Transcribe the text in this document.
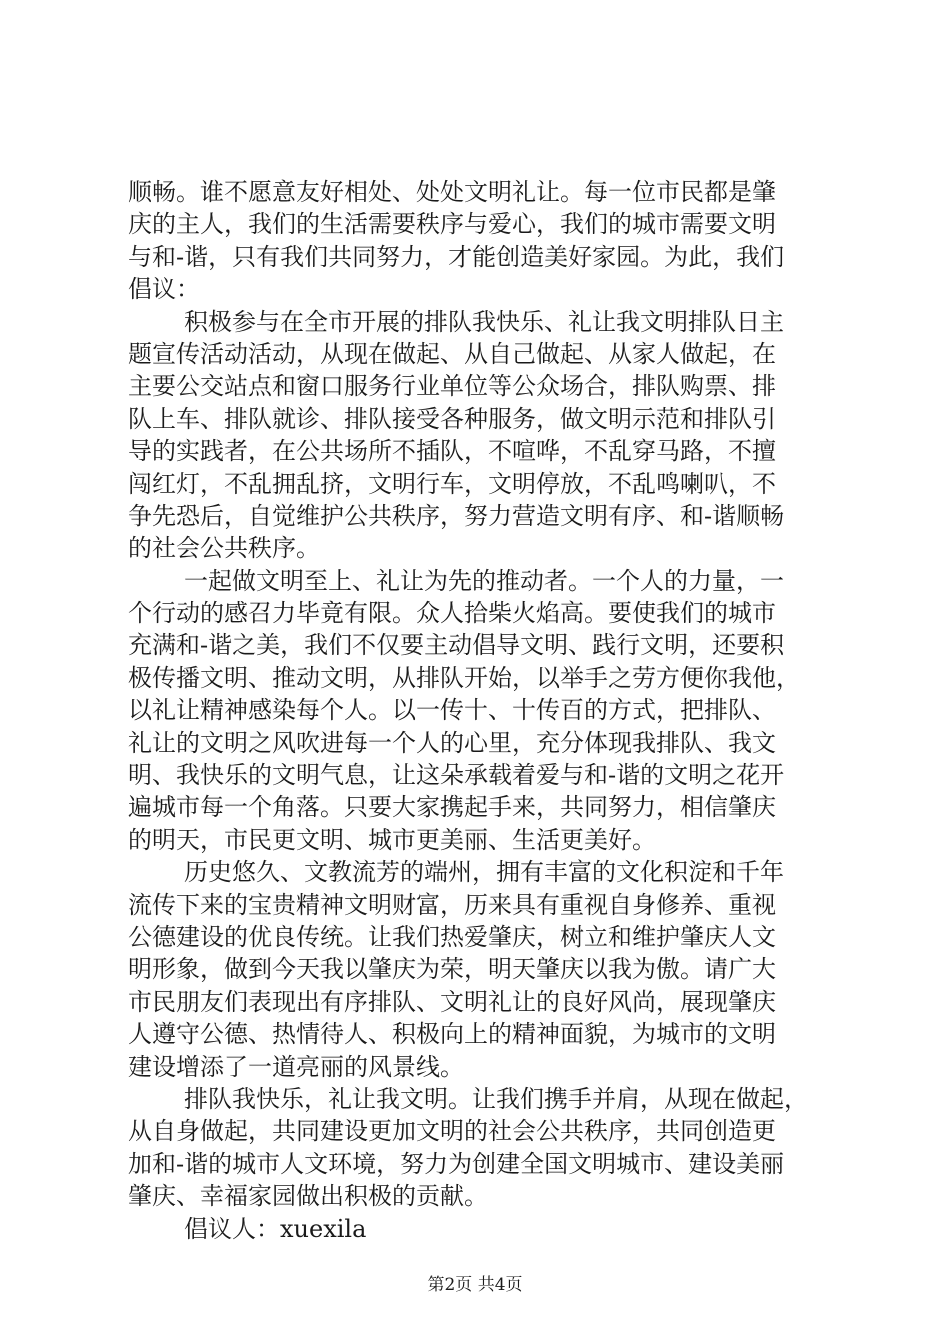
顺畅。谁不愿意友好相处、处处文明礼让。每一位市民都是肇
庆的主人，我们的生活需要秩序与爱心，我们的城市需要文明
与和-谐，只有我们共同努力，才能创造美好家园。为此，我们
倡议：
积极参与在全市开展的排队我快乐、礼让我文明排队日主
题宣传活动活动，从现在做起、从自己做起、从家人做起，在
主要公交站点和窗口服务行业单位等公众场合，排队购票、排
队上车、排队就诊、排队接受各种服务，做文明示范和排队引
导的实践者，在公共场所不插队，不喧哗，不乱穿马路，不擅
闯红灯，不乱拥乱挤，文明行车，文明停放，不乱鸣喇叭，不
争先恐后，自觉维护公共秩序，努力营造文明有序、和-谐顺畅
的社会公共秩序。
一起做文明至上、礼让为先的推动者。一个人的力量，一
个行动的感召力毕竟有限。众人拾柴火焰高。要使我们的城市
充满和-谐之美，我们不仅要主动倡导文明、践行文明，还要积
极传播文明、推动文明，从排队开始，以举手之劳方便你我他，
以礼让精神感染每个人。以一传十、十传百的方式，把排队、
礼让的文明之风吹进每一个人的心里，充分体现我排队、我文
明、我快乐的文明气息，让这朵承载着爱与和-谐的文明之花开
遍城市每一个角落。只要大家携起手来，共同努力，相信肇庆
的明天，市民更文明、城市更美丽、生活更美好。
历史悠久、文教流芳的端州，拥有丰富的文化积淀和千年
流传下来的宝贵精神文明财富，历来具有重视自身修养、重视
公德建设的优良传统。让我们热爱肇庆，树立和维护肇庆人文
明形象，做到今天我以肇庆为荣，明天肇庆以我为傲。请广大
市民朋友们表现出有序排队、文明礼让的良好风尚，展现肇庆
人遵守公德、热情待人、积极向上的精神面貌，为城市的文明
建设增添了一道亮丽的风景线。
排队我快乐，礼让我文明。让我们携手并肩，从现在做起，
从自身做起，共同建设更加文明的社会公共秩序，共同创造更
加和-谐的城市人文环境，努力为创建全国文明城市、建设美丽
肇庆、幸福家园做出积极的贡献。
倡议人：xuexila
第2页 共4页
